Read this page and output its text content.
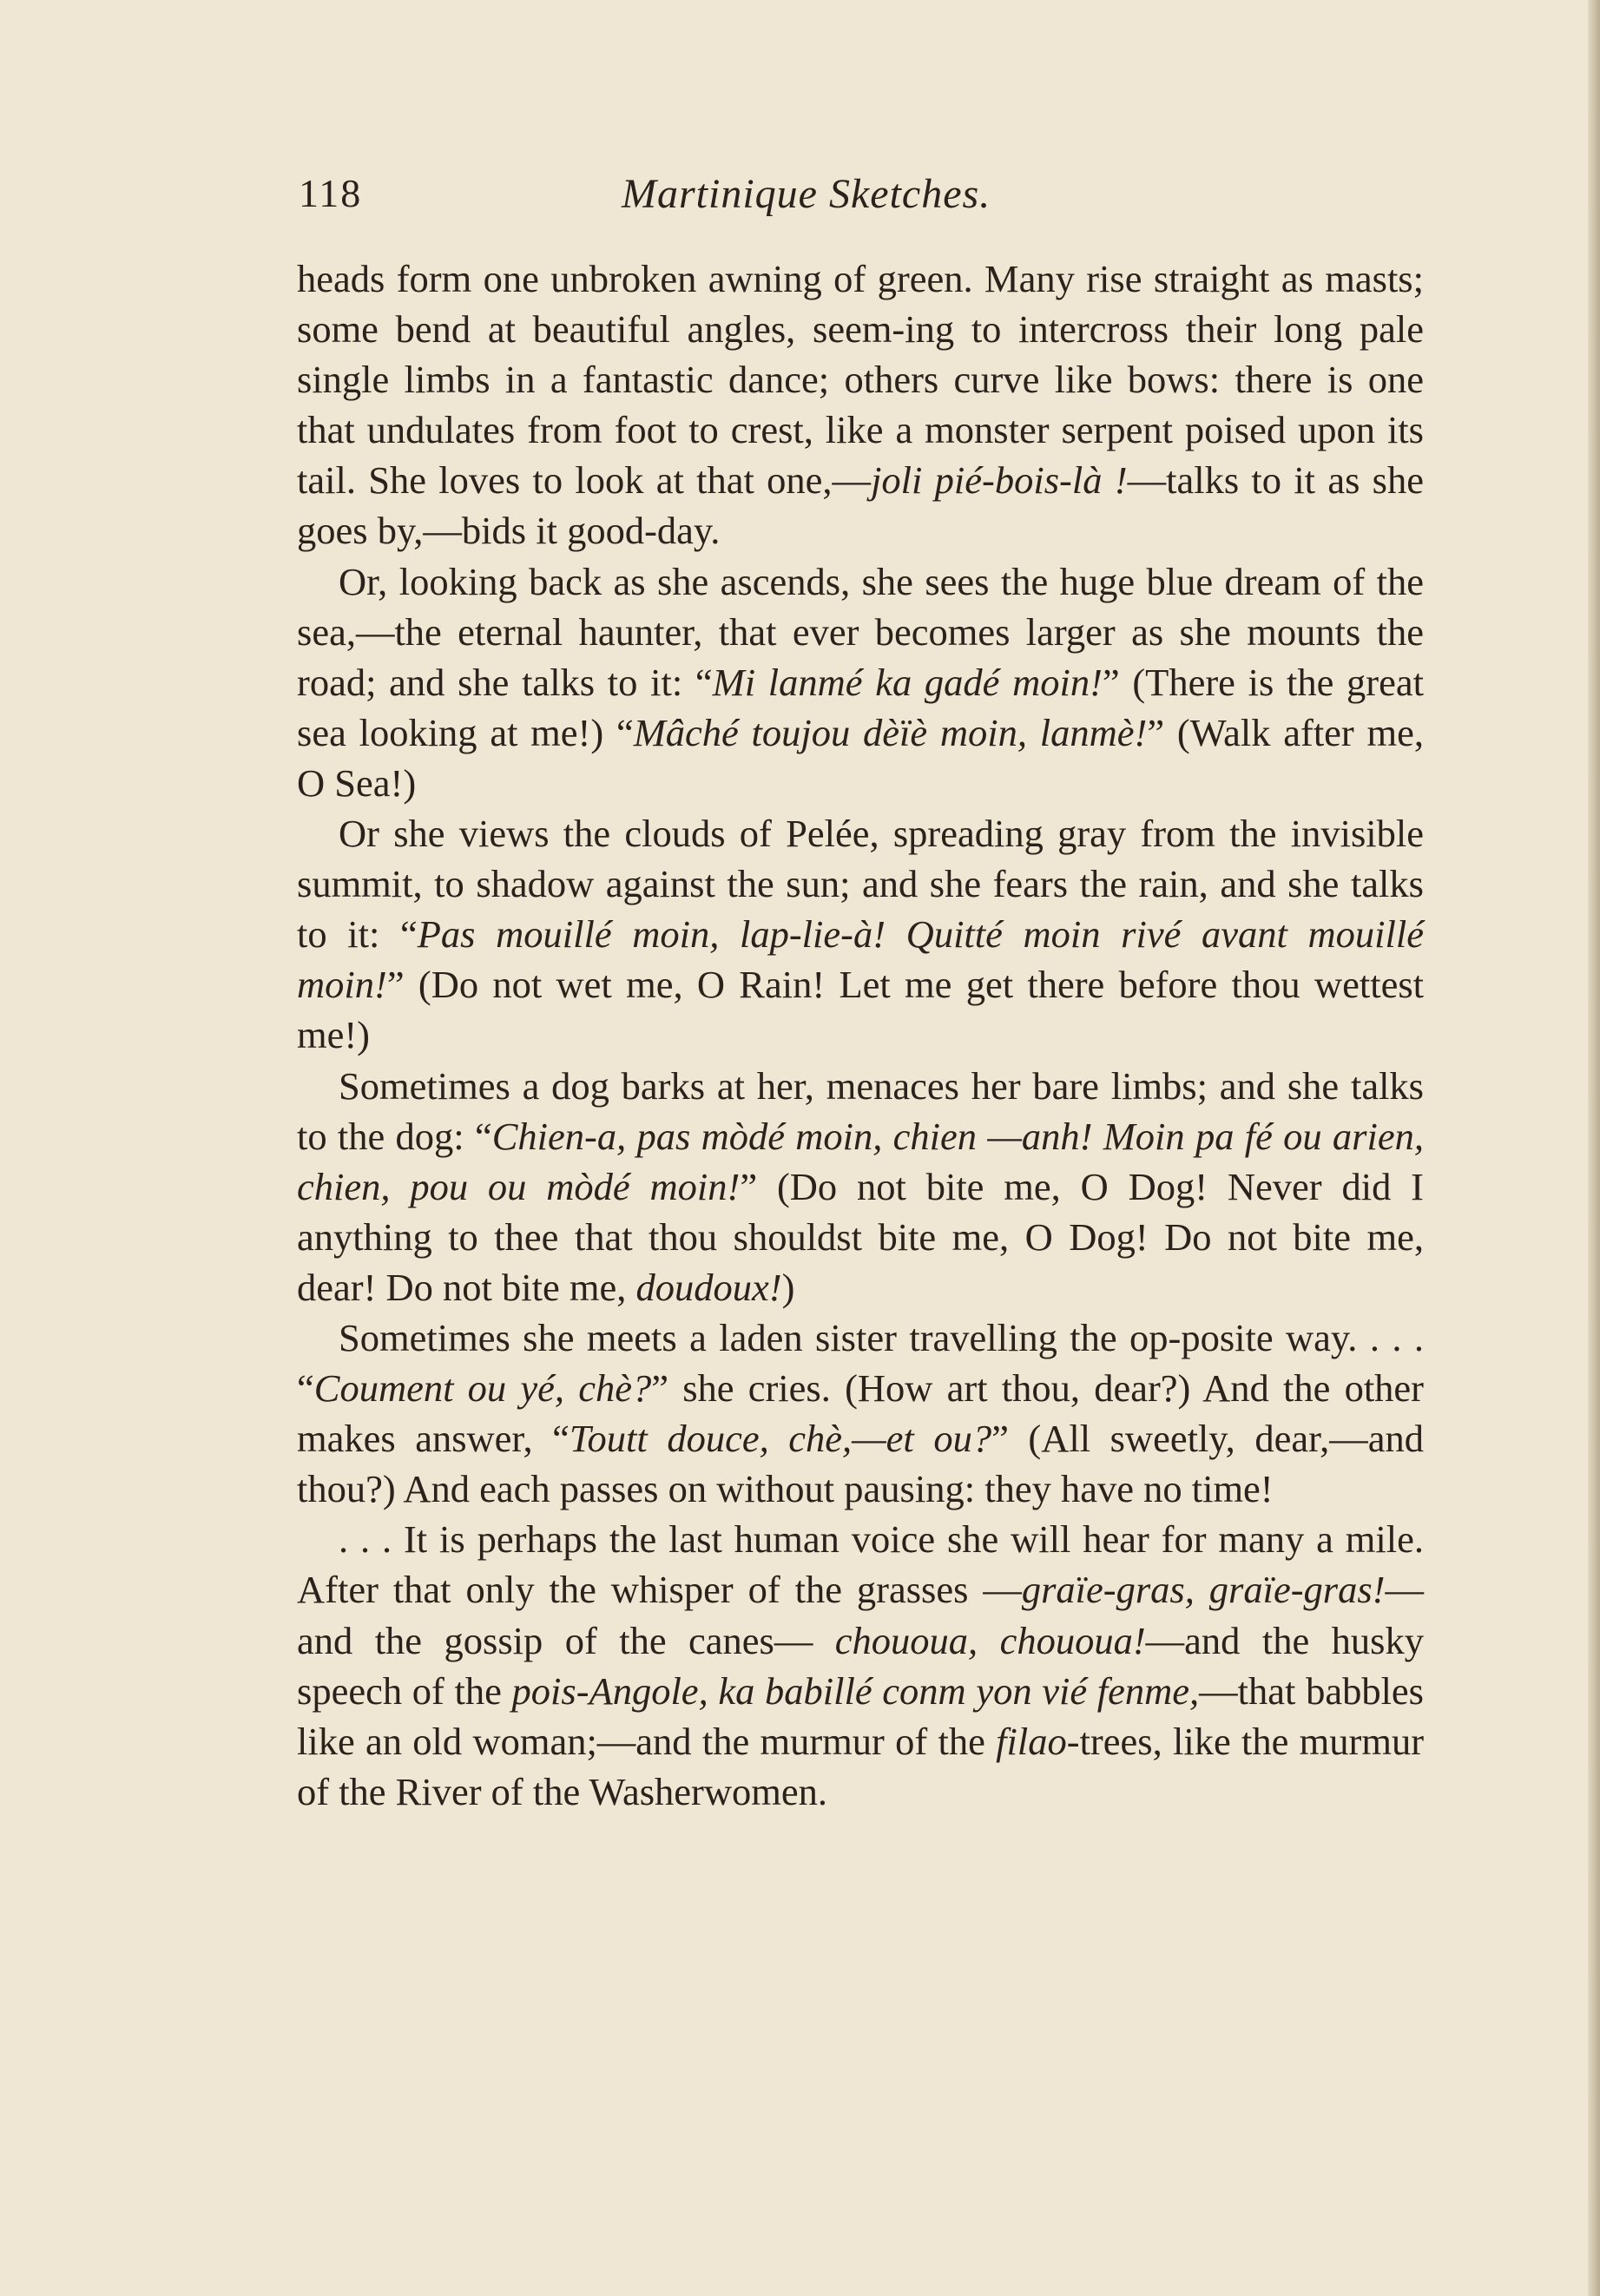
118	Martinique Sketches.

heads form one unbroken awning of green. Many rise straight as masts; some bend at beautiful angles, seem-ing to intercross their long pale single limbs in a fantastic dance; others curve like bows: there is one that undulates from foot to crest, like a monster serpent poised upon its tail. She loves to look at that one,—joli pié-bois-là !—talks to it as she goes by,—bids it good-day.

Or, looking back as she ascends, she sees the huge blue dream of the sea,—the eternal haunter, that ever becomes larger as she mounts the road; and she talks to it: “Mi lanmé ka gadé moin!” (There is the great sea looking at me!) “Mâché toujou dèïè moin, lanmè!” (Walk after me, O Sea!)

Or she views the clouds of Pelée, spreading gray from the invisible summit, to shadow against the sun; and she fears the rain, and she talks to it: “Pas mouillé moin, lap-lie-à! Quitté moin rivé avant mouillé moin!” (Do not wet me, O Rain! Let me get there before thou wettest me!)

Sometimes a dog barks at her, menaces her bare limbs; and she talks to the dog: “Chien-a, pas mòdé moin, chien —anh! Moin pa fé ou arien, chien, pou ou mòdé moin!” (Do not bite me, O Dog! Never did I anything to thee that thou shouldst bite me, O Dog! Do not bite me, dear! Do not bite me, doudoux!)

Sometimes she meets a laden sister travelling the op-posite way. . . . “Coument ou yé, chè?” she cries. (How art thou, dear?) And the other makes answer, “Toutt douce, chè,—et ou?” (All sweetly, dear,—and thou?) And each passes on without pausing: they have no time!

. . . It is perhaps the last human voice she will hear for many a mile. After that only the whisper of the grasses —graïe-gras, graïe-gras!—and the gossip of the canes— chououa, chououa!—and the husky speech of the pois-Angole, ka babillé conm yon vié fenme,—that babbles like an old woman;—and the murmur of the filao-trees, like the murmur of the River of the Washerwomen.
